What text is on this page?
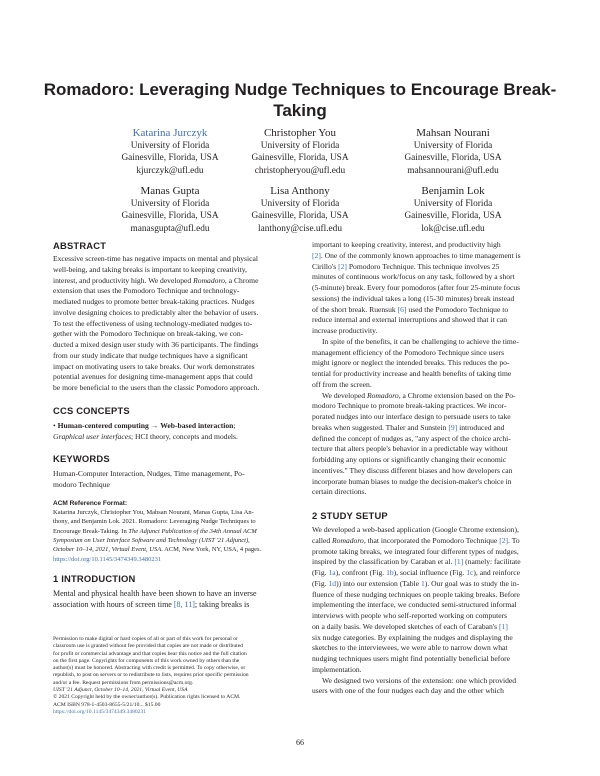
Romadoro: Leveraging Nudge Techniques to Encourage Break-Taking
Katarina Jurczyk
University of Florida
Gainesville, Florida, USA
kjurczyk@ufl.edu
Christopher You
University of Florida
Gainesville, Florida, USA
christopheryou@ufl.edu
Mahsan Nourani
University of Florida
Gainesville, Florida, USA
mahsannourani@ufl.edu
Manas Gupta
University of Florida
Gainesville, Florida, USA
manasgupta@ufl.edu
Lisa Anthony
University of Florida
Gainesville, Florida, USA
lanthony@cise.ufl.edu
Benjamin Lok
University of Florida
Gainesville, Florida, USA
lok@cise.ufl.edu
ABSTRACT
Excessive screen-time has negative impacts on mental and physical
well-being, and taking breaks is important to keeping creativity,
interest, and productivity high. We developed Romadoro, a Chrome
extension that uses the Pomodoro Technique and technology-
mediated nudges to promote better break-taking practices. Nudges
involve designing choices to predictably alter the behavior of users.
To test the effectiveness of using technology-mediated nudges to-
gether with the Pomodoro Technique on break-taking, we con-
ducted a mixed design user study with 36 participants. The findings
from our study indicate that nudge techniques have a significant
impact on motivating users to take breaks. Our work demonstrates
potential avenues for designing time-management apps that could
be more beneficial to the users than the classic Pomodoro approach.
CCS CONCEPTS
• Human-centered computing → Web-based interaction;
Graphical user interfaces; HCI theory, concepts and models.
KEYWORDS
Human-Computer Interaction, Nudges, Time management, Po-
modoro Technique
ACM Reference Format:
Katarina Jurczyk, Christopher You, Mahsan Nourani, Manas Gupta, Lisa An-
thony, and Benjamin Lok. 2021. Romadoro: Leveraging Nudge Techniques to
Encourage Break-Taking. In The Adjunct Publication of the 34th Annual ACM
Symposium on User Interface Software and Technology (UIST '21 Adjunct),
October 10–14, 2021, Virtual Event, USA. ACM, New York, NY, USA, 4 pages.
https://doi.org/10.1145/3474349.3480231
1 INTRODUCTION
Mental and physical health have been shown to have an inverse
association with hours of screen time [8, 11]; taking breaks is
Permission to make digital or hard copies of all or part of this work for personal or
classroom use is granted without fee provided that copies are not made or distributed
for profit or commercial advantage and that copies bear this notice and the full citation
on the first page. Copyrights for components of this work owned by others than the
author(s) must be honored. Abstracting with credit is permitted. To copy otherwise, or
republish, to post on servers or to redistribute to lists, requires prior specific permission
and/or a fee. Request permissions from permissions@acm.org.
UIST '21 Adjunct, October 10–14, 2021, Virtual Event, USA
© 2021 Copyright held by the owner/author(s). Publication rights licensed to ACM.
ACM ISBN 978-1-4503-8655-5/21/10... $15.00
https://doi.org/10.1145/3474349.3480231
important to keeping creativity, interest, and productivity high
[2]. One of the commonly known approaches to time management is
Cirillo's [2] Pomodoro Technique. This technique involves 25
minutes of continuous work/focus on any task, followed by a short
(5-minute) break. Every four pomodoros (after four 25-minute focus
sessions) the individual takes a long (15-30 minutes) break instead
of the short break. Ruensuk [6] used the Pomodoro Technique to
reduce internal and external interruptions and showed that it can
increase productivity.
In spite of the benefits, it can be challenging to achieve the time-
management efficiency of the Pomodoro Technique since users
might ignore or neglect the intended breaks. This reduces the po-
tential for productivity increase and health benefits of taking time
off from the screen.
We developed Romadoro, a Chrome extension based on the Po-
modoro Technique to promote break-taking practices. We incor-
porated nudges into our interface design to persuade users to take
breaks when suggested. Thaler and Sunstein [9] introduced and
defined the concept of nudges as, "any aspect of the choice archi-
tecture that alters people's behavior in a predictable way without
forbidding any options or significantly changing their economic
incentives." They discuss different biases and how developers can
incorporate human biases to nudge the decision-maker's choice in
certain directions.
2 STUDY SETUP
We developed a web-based application (Google Chrome extension),
called Romadoro, that incorporated the Pomodoro Technique [2]. To
promote taking breaks, we integrated four different types of nudges,
inspired by the classification by Caraban et al. [1] (namely: facilitate
(Fig. 1a), confront (Fig. 1b), social influence (Fig. 1c), and reinforce
(Fig. 1d)) into our extension (Table 1). Our goal was to study the in-
fluence of these nudging techniques on people taking breaks. Before
implementing the interface, we conducted semi-structured informal
interviews with people who self-reported working on computers
on a daily basis. We developed sketches of each of Caraban's [1]
six nudge categories. By explaining the nudges and displaying the
sketches to the interviewees, we were able to narrow down what
nudging techniques users might find potentially beneficial before
implementation.
We designed two versions of the extension: one which provided
users with one of the four nudges each day and the other which
66
